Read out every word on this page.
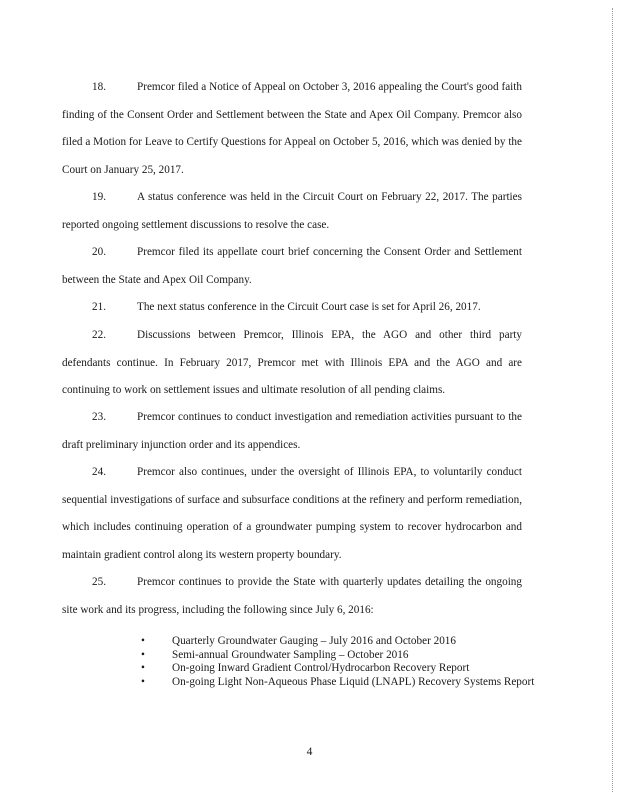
18.	Premcor filed a Notice of Appeal on October 3, 2016 appealing the Court's good faith finding of the Consent Order and Settlement between the State and Apex Oil Company. Premcor also filed a Motion for Leave to Certify Questions for Appeal on October 5, 2016, which was denied by the Court on January 25, 2017.
19.	A status conference was held in the Circuit Court on February 22, 2017. The parties reported ongoing settlement discussions to resolve the case.
20.	Premcor filed its appellate court brief concerning the Consent Order and Settlement between the State and Apex Oil Company.
21.	The next status conference in the Circuit Court case is set for April 26, 2017.
22.	Discussions between Premcor, Illinois EPA, the AGO and other third party defendants continue. In February 2017, Premcor met with Illinois EPA and the AGO and are continuing to work on settlement issues and ultimate resolution of all pending claims.
23.	Premcor continues to conduct investigation and remediation activities pursuant to the draft preliminary injunction order and its appendices.
24.	Premcor also continues, under the oversight of Illinois EPA, to voluntarily conduct sequential investigations of surface and subsurface conditions at the refinery and perform remediation, which includes continuing operation of a groundwater pumping system to recover hydrocarbon and maintain gradient control along its western property boundary.
25.	Premcor continues to provide the State with quarterly updates detailing the ongoing site work and its progress, including the following since July 6, 2016:
• Quarterly Groundwater Gauging – July 2016 and October 2016
• Semi-annual Groundwater Sampling – October 2016
• On-going Inward Gradient Control/Hydrocarbon Recovery Report
• On-going Light Non-Aqueous Phase Liquid (LNAPL) Recovery Systems Report
4
